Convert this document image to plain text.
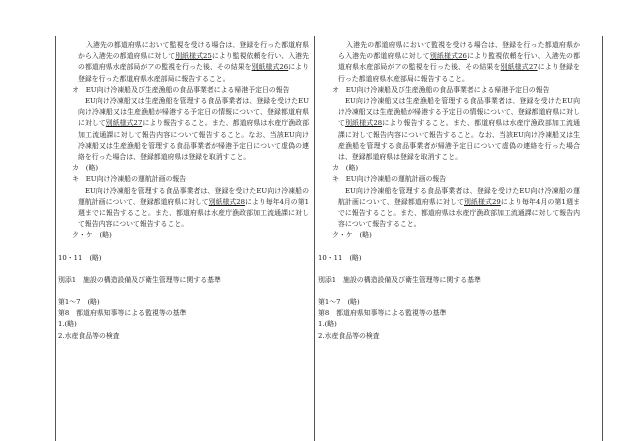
入港先の都道府県において監視を受ける場合は、登録を行った都道府県から入港先の都道府県に対して別紙様式25により監視依頼を行い、入港先の都道府県水産部局がアの監視を行った後、その結果を別紙様式26により登録を行った都道府県水産部局に報告すること。

オ　EU向け冷凍船及び生産漁船の食品事業者による帰港予定日の報告

EU向け冷凍船又は生産漁船を管理する食品事業者は、登録を受けたEU向け冷凍船又は生産漁船が帰港する予定日の情報について、登録都道府県に対して別紙様式27により報告すること。また、都道府県は水産庁漁政部加工流通課に対して報告内容について報告すること。なお、当該EU向け冷凍船又は生産漁船を管理する食品事業者が帰港予定日について虚偽の連絡を行った場合は、登録都道府県は登録を取消すこと。

カ　(略)

キ　EU向け冷凍船の運航計画の報告

EU向け冷凍船を管理する食品事業者は、登録を受けたEU向け冷凍船の運航計画について、登録都道府県に対して別紙様式28により毎年4月の第1週までに報告すること。また、都道府県は水産庁漁政部加工流通課に対して報告内容について報告すること。

ク・ケ　(略)

10・11　(略)

別添1　施設の構造設備及び衛生管理等に関する基準

第1～7　(略)

第8　都道府県知事等による監視等の基準

1.(略)

2.水産食品等の検査

入港先の都道府県において監視を受ける場合は、登録を行った都道府県から入港先の都道府県に対して別紙様式26により監視依頼を行い、入港先の都道府県水産部局がアの監視を行った後、その結果を別紙様式27により登録を行った都道府県水産部局に報告すること。

オ　EU向け冷凍船及び生産漁船の食品事業者による帰港予定日の報告

EU向け冷凍船又は生産漁船を管理する食品事業者は、登録を受けたEU向け冷凍船又は生産漁船が帰港する予定日の情報について、登録都道府県に対して別紙様式28により報告すること。また、都道府県は水産庁漁政部加工流通課に対して報告内容について報告すること。なお、当該EU向け冷凍船又は生産漁船を管理する食品事業者が帰港予定日について虚偽の連絡を行った場合は、登録都道府県は登録を取消すこと。

カ　(略)

キ　EU向け冷凍船の運航計画の報告

EU向け冷凍船を管理する食品事業者は、登録を受けたEU向け冷凍船の運航計画について、登録都道府県に対して別紙様式29により毎年4月の第1週までに報告すること。また、都道府県は水産庁漁政部加工流通課に対して報告内容について報告すること。

ク・ケ　(略)

10・11　(略)

別添1　施設の構造設備及び衛生管理等に関する基準

第1～7　(略)

第8　都道府県知事等による監視等の基準

1.(略)

2.水産食品等の検査
